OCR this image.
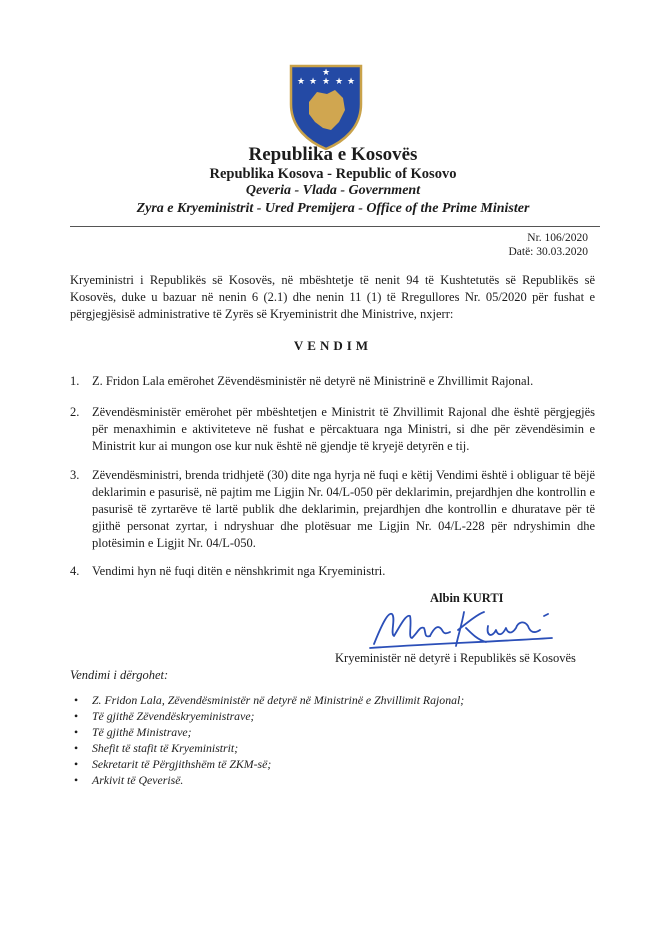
★ ★ ★ ★ ★
★
Republika e Kosovës
Republika Kosova - Republic of Kosovo
Qeveria - Vlada - Government
Zyra e Kryeministrit - Ured Premijera - Office of the Prime Minister
Nr. 106/2020
Datë: 30.03.2020
Kryeministri i Republikës së Kosovës, në mbështetje të nenit 94 të Kushtetutës së Republikës së Kosovës, duke u bazuar në nenin 6 (2.1) dhe nenin 11 (1) të Rregullores Nr. 05/2020 për fushat e përgjegjësisë administrative të Zyrës së Kryeministrit dhe Ministrive, nxjerr:
VENDIM
1.	Z. Fridon Lala emërohet Zëvendësministër në detyrë në Ministrinë e Zhvillimit Rajonal.
2.	Zëvendësministër emërohet për mbështetjen e Ministrit të Zhvillimit Rajonal dhe është përgjegjës për menaxhimin e aktiviteteve në fushat e përcaktuara nga Ministri, si dhe për zëvendësimin e Ministrit kur ai mungon ose kur nuk është në gjendje të kryejë detyrën e tij.
3.	Zëvendësministri, brenda tridhjetë (30) dite nga hyrja në fuqi e këtij Vendimi është i obliguar të bëjë deklarimin e pasurisë, në pajtim me Ligjin Nr. 04/L-050 për deklarimin, prejardhjen dhe kontrollin e pasurisë të zyrtarëve të lartë publik dhe deklarimin, prejardhjen dhe kontrollin e dhuratave për të gjithë personat zyrtar, i ndryshuar dhe plotësuar me Ligjin Nr. 04/L-228 për ndryshimin dhe plotësimin e Ligjit Nr. 04/L-050.
4.	Vendimi hyn në fuqi ditën e nënshkrimit nga Kryeministri.
Albin KURTI
Kryeministër në detyrë i Republikës së Kosovës
Vendimi i dërgohet:
• Z. Fridon Lala, Zëvendësministër në detyrë në Ministrinë e Zhvillimit Rajonal;
• Të gjithë Zëvendëskryeministrave;
• Të gjithë Ministrave;
• Shefit të stafit të Kryeministrit;
• Sekretarit të Përgjithshëm të ZKM-së;
• Arkivit të Qeverisë.
